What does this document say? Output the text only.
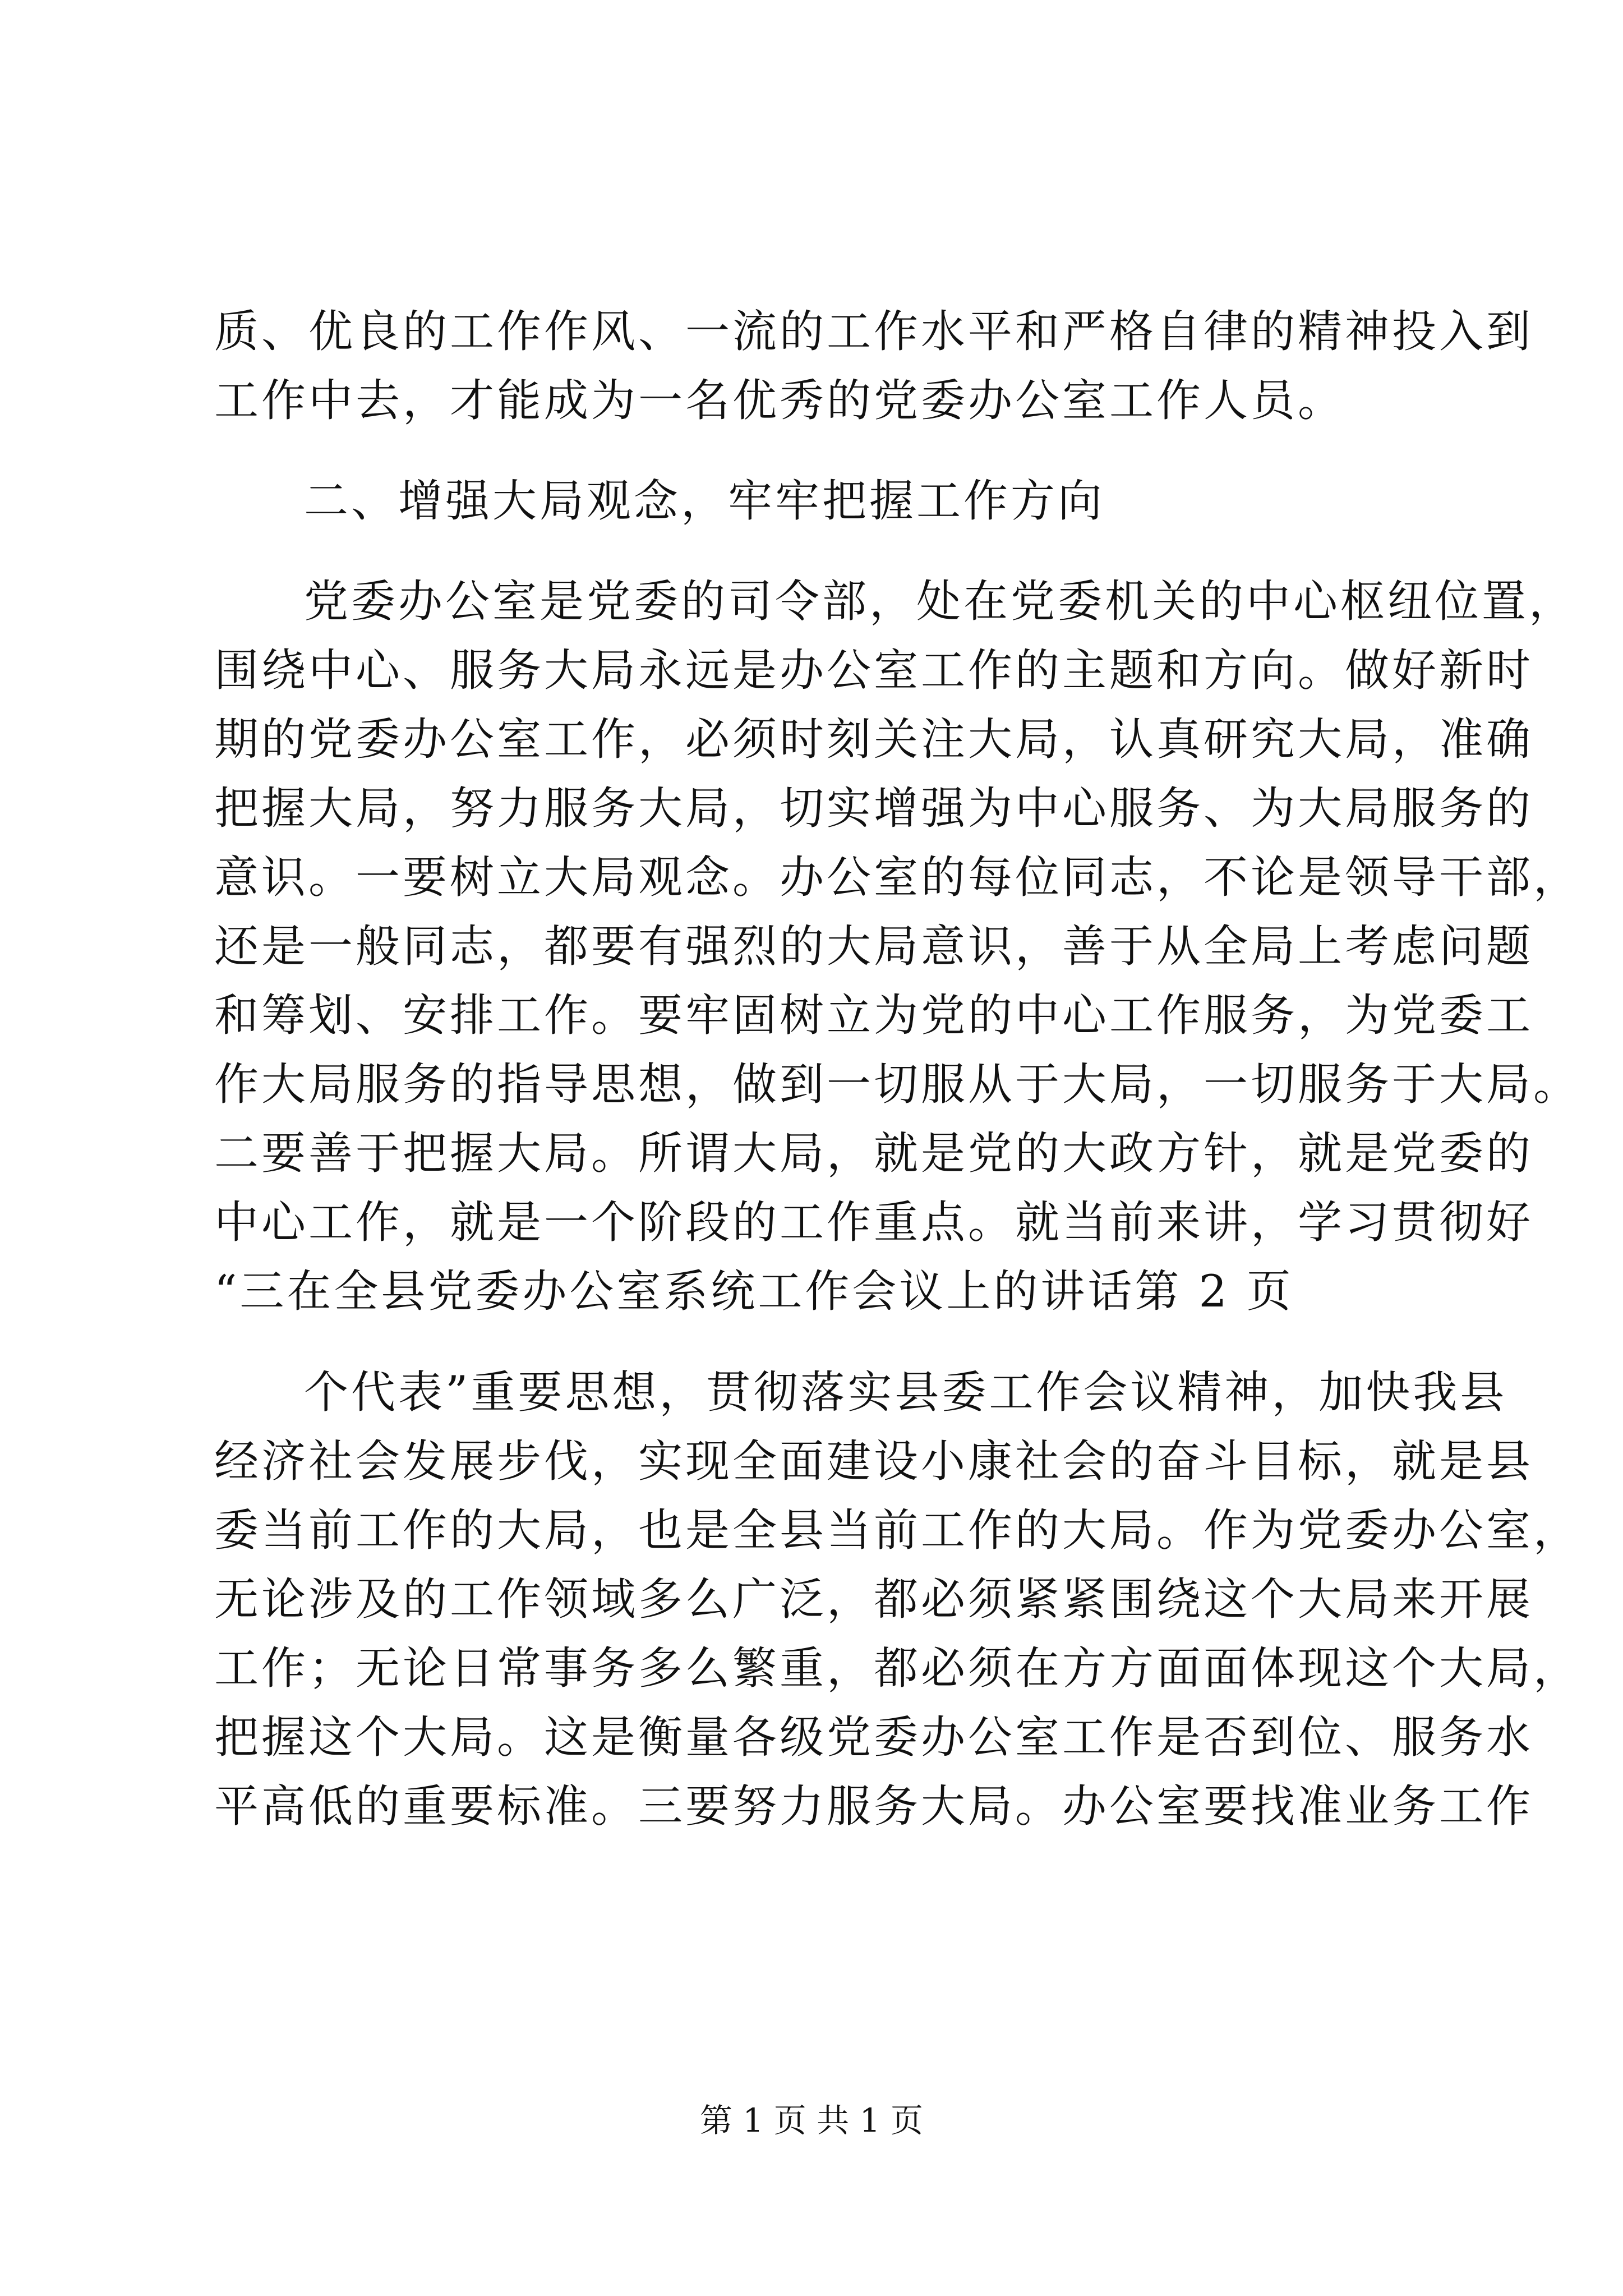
质、优良的工作作风、一流的工作水平和严格自律的精神投入到
工作中去，才能成为一名优秀的党委办公室工作人员。
二、增强大局观念，牢牢把握工作方向
党委办公室是党委的司令部，处在党委机关的中心枢纽位置，
围绕中心、服务大局永远是办公室工作的主题和方向。做好新时
期的党委办公室工作，必须时刻关注大局，认真研究大局，准确
把握大局，努力服务大局，切实增强为中心服务、为大局服务的
意识。一要树立大局观念。办公室的每位同志，不论是领导干部，
还是一般同志，都要有强烈的大局意识，善于从全局上考虑问题
和筹划、安排工作。要牢固树立为党的中心工作服务，为党委工
作大局服务的指导思想，做到一切服从于大局，一切服务于大局。
二要善于把握大局。所谓大局，就是党的大政方针，就是党委的
中心工作，就是一个阶段的工作重点。就当前来讲，学习贯彻好
“三在全县党委办公室系统工作会议上的讲话第 2 页
个代表”重要思想，贯彻落实县委工作会议精神，加快我县
经济社会发展步伐，实现全面建设小康社会的奋斗目标，就是县
委当前工作的大局，也是全县当前工作的大局。作为党委办公室，
无论涉及的工作领域多么广泛，都必须紧紧围绕这个大局来开展
工作；无论日常事务多么繁重，都必须在方方面面体现这个大局，
把握这个大局。这是衡量各级党委办公室工作是否到位、服务水
平高低的重要标准。三要努力服务大局。办公室要找准业务工作
第 1 页 共 1 页
